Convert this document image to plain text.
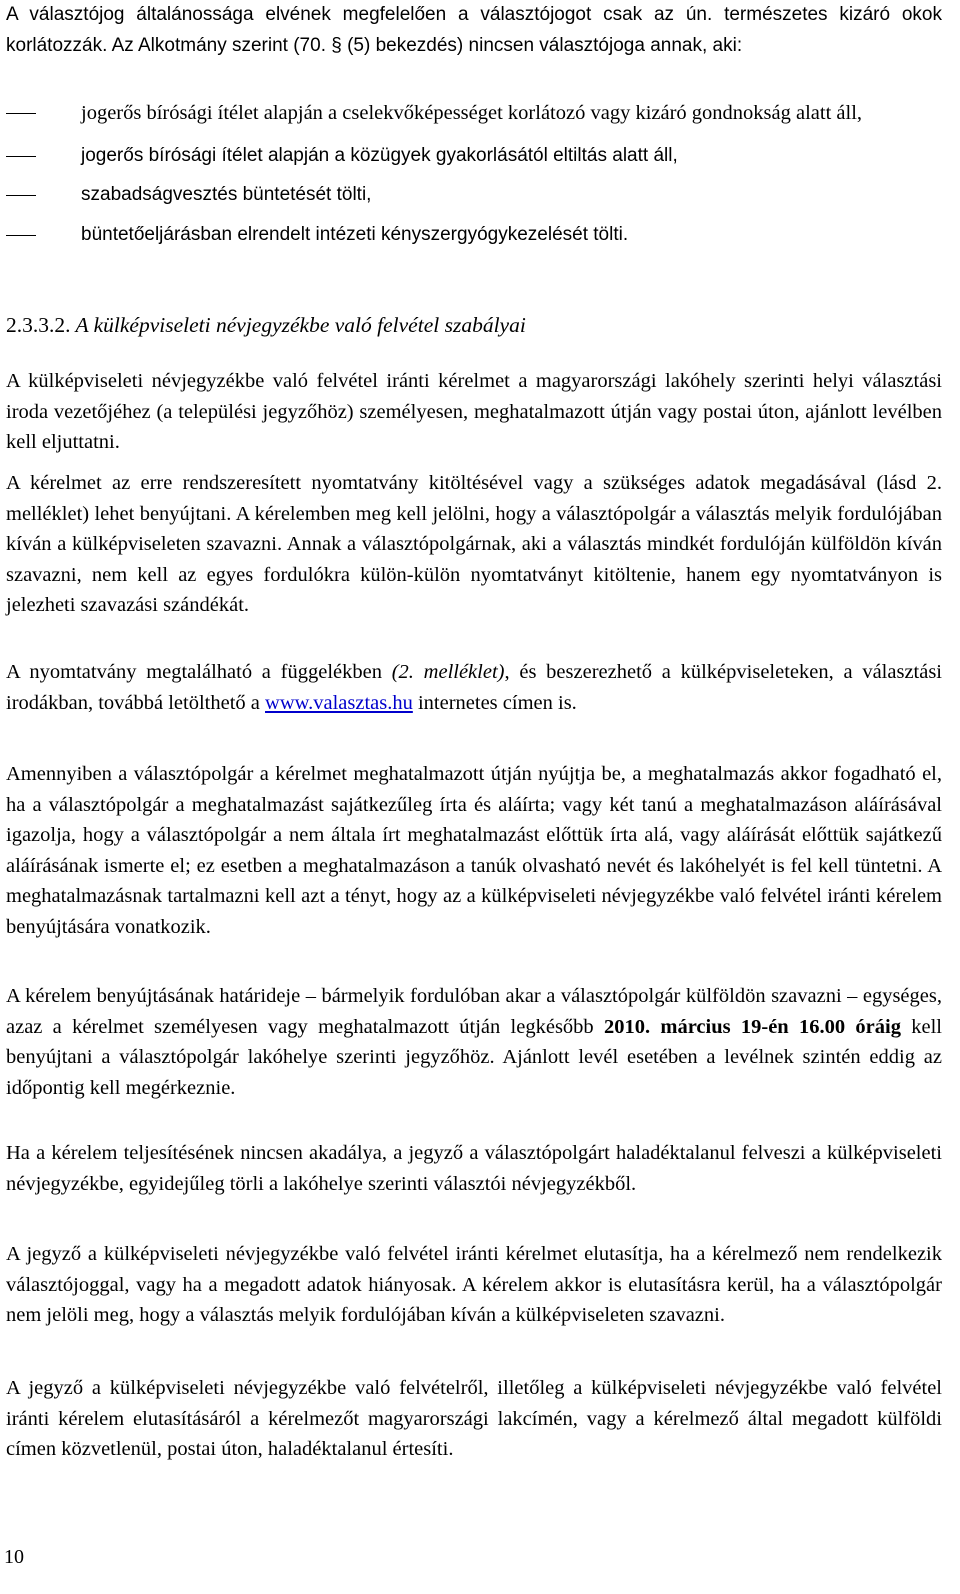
A választójog általánossága elvének megfelelően a választójogot csak az ún. természetes kizáró okok korlátozzák. Az Alkotmány szerint (70. § (5) bekezdés) nincsen választójoga annak, aki:

jogerős bírósági ítélet alapján a cselekvőképességet korlátozó vagy kizáró gondnokság alatt áll,
jogerős bírósági ítélet alapján a közügyek gyakorlásától eltiltás alatt áll,
szabadságvesztés büntetését tölti,
büntetőeljárásban elrendelt intézeti kényszergyógykezelését tölti.
2.3.3.2. A külképviseleti névjegyzékbe való felvétel szabályai

A külképviseleti névjegyzékbe való felvétel iránti kérelmet a magyarországi lakóhely szerinti helyi választási iroda vezetőjéhez (a települési jegyzőhöz) személyesen, meghatalmazott útján vagy postai úton, ajánlott levélben kell eljuttatni.

A kérelmet az erre rendszeresített nyomtatvány kitöltésével vagy a szükséges adatok megadásával (lásd 2. melléklet) lehet benyújtani. A kérelemben meg kell jelölni, hogy a választópolgár a választás melyik fordulójában kíván a külképviseleten szavazni. Annak a választópolgárnak, aki a választás mindkét fordulóján külföldön kíván szavazni, nem kell az egyes fordulókra külön-külön nyomtatványt kitöltenie, hanem egy nyomtatványon is jelezheti szavazási szándékát.

A nyomtatvány megtalálható a függelékben (2. melléklet), és beszerezhető a külképviseleteken, a választási irodákban, továbbá letölthető a www.valasztas.hu internetes címen is.

Amennyiben a választópolgár a kérelmet meghatalmazott útján nyújtja be, a meghatalmazás akkor fogadható el, ha a választópolgár a meghatalmazást sajátkezűleg írta és aláírta; vagy két tanú a meghatalmazáson aláírásával igazolja, hogy a választópolgár a nem általa írt meghatalmazást előttük írta alá, vagy aláírását előttük sajátkezű aláírásának ismerte el; ez esetben a meghatalmazáson a tanúk olvasható nevét és lakóhelyét is fel kell tüntetni. A meghatalmazásnak tartalmazni kell azt a tényt, hogy az a külképviseleti névjegyzékbe való felvétel iránti kérelem benyújtására vonatkozik.

A kérelem benyújtásának határideje – bármelyik fordulóban akar a választópolgár külföldön szavazni – egységes, azaz a kérelmet személyesen vagy meghatalmazott útján legkésőbb 2010. március 19-én 16.00 óráig kell benyújtani a választópolgár lakóhelye szerinti jegyzőhöz. Ajánlott levél esetében a levélnek szintén eddig az időpontig kell megérkeznie.

Ha a kérelem teljesítésének nincsen akadálya, a jegyző a választópolgárt haladéktalanul felveszi a külképviseleti névjegyzékbe, egyidejűleg törli a lakóhelye szerinti választói névjegyzékből.

A jegyző a külképviseleti névjegyzékbe való felvétel iránti kérelmet elutasítja, ha a kérelmező nem rendelkezik választójoggal, vagy ha a megadott adatok hiányosak. A kérelem akkor is elutasításra kerül, ha a választópolgár nem jelöli meg, hogy a választás melyik fordulójában kíván a külképviseleten szavazni.

A jegyző a külképviseleti névjegyzékbe való felvételről, illetőleg a külképviseleti névjegyzékbe való felvétel iránti kérelem elutasításáról a kérelmezőt magyarországi lakcímén, vagy a kérelmező által megadott külföldi címen közvetlenül, postai úton, haladéktalanul értesíti.

10
